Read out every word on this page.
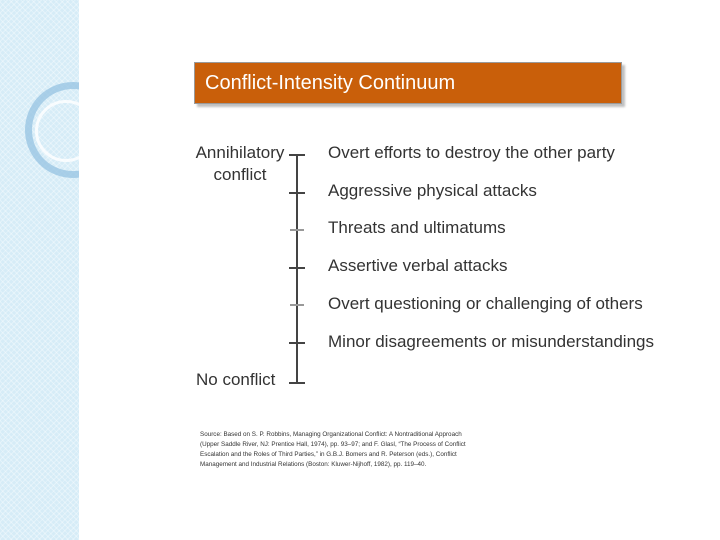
Conflict-Intensity Continuum
Annihilatory
conflict
No conflict
Overt efforts to destroy the other party
Aggressive physical attacks
Threats and ultimatums
Assertive verbal attacks
Overt questioning or challenging of others
Minor disagreements or misunderstandings
Source: Based on S. P. Robbins, Managing Organizational Conflict: A Nontraditional Approach
(Upper Saddle River, NJ: Prentice Hall, 1974), pp. 93–97; and F. Glasl, “The Process of Conflict
Escalation and the Roles of Third Parties,” in G.B.J. Bomers and R. Peterson (eds.), Conflict
Management and Industrial Relations (Boston: Kluwer-Nijhoff, 1982), pp. 119–40.
